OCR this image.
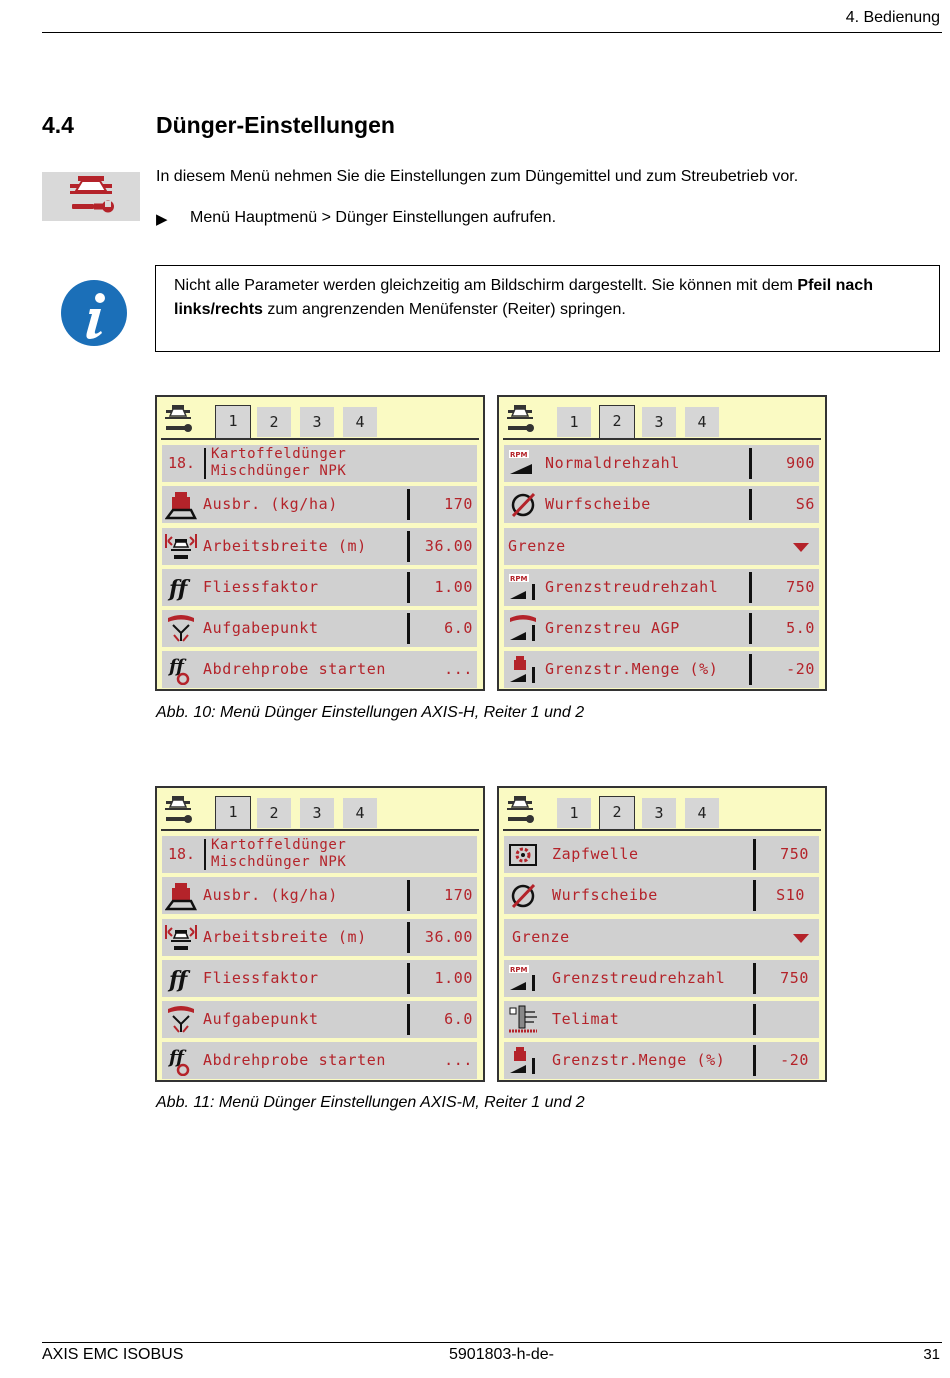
4. Bedienung
4.4	Dünger-Einstellungen
In diesem Menü nehmen Sie die Einstellungen zum Düngemittel und zum Streubetrieb vor.
▶ Menü Hauptmenü > Dünger Einstellungen aufrufen.
Nicht alle Parameter werden gleichzeitig am Bildschirm dargestellt. Sie können mit dem Pfeil nach links/rechts zum angrenzenden Menüfenster (Reiter) springen.
1	2	3	4
18. Kartoffeldünger
Mischdünger NPK
Ausbr. (kg/ha)	170
Arbeitsbreite (m)	36.00
ff Fliessfaktor	1.00
Aufgabepunkt	6.0
ff Abdrehprobe starten	...
1	2	3	4
RPM Normaldrehzahl	900
Wurfscheibe	S6
Grenze
RPM Grenzstreudrehzahl	750
Grenzstreu AGP	5.0
Grenzstr.Menge (%)	-20
Abb. 10: Menü Dünger Einstellungen AXIS-H, Reiter 1 und 2
1	2	3	4
18. Kartoffeldünger
Mischdünger NPK
Ausbr. (kg/ha)	170
Arbeitsbreite (m)	36.00
ff Fliessfaktor	1.00
Aufgabepunkt	6.0
ff Abdrehprobe starten	...
1	2	3	4
Zapfwelle	750
Wurfscheibe	S10
Grenze
RPM Grenzstreudrehzahl	750
Telimat
Grenzstr.Menge (%)	-20
Abb. 11: Menü Dünger Einstellungen AXIS-M, Reiter 1 und 2
AXIS EMC ISOBUS	5901803-h-de-	31
